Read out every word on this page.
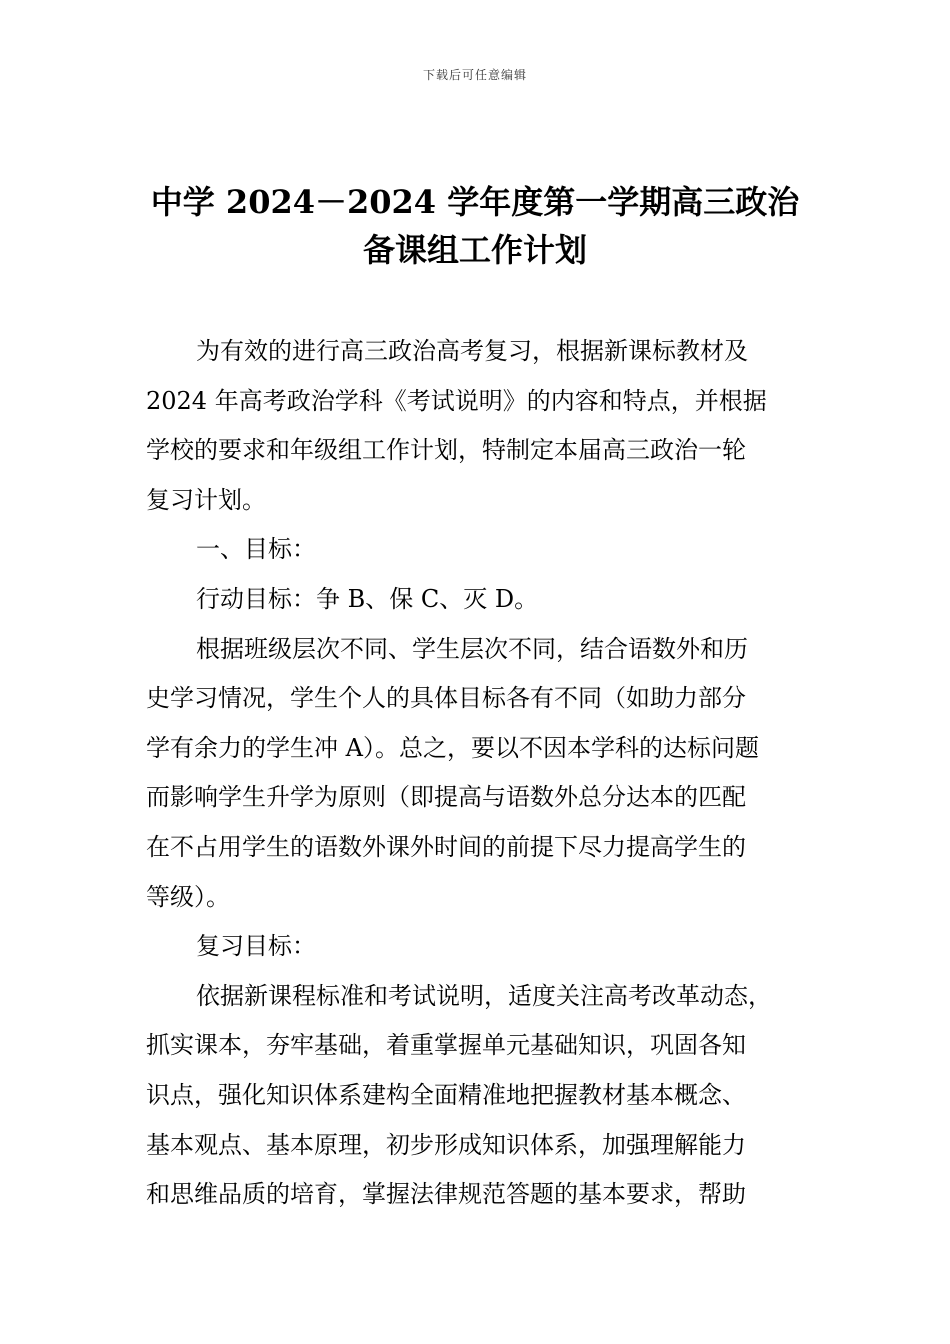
下载后可任意编辑
中学 2024－2024 学年度第一学期高三政治
备课组工作计划
为有效的进行高三政治高考复习，根据新课标教材及
2024 年高考政治学科《考试说明》的内容和特点，并根据
学校的要求和年级组工作计划，特制定本届高三政治一轮
复习计划。
一、目标：
行动目标：争 B、保 C、灭 D。
根据班级层次不同、学生层次不同，结合语数外和历
史学习情况，学生个人的具体目标各有不同（如助力部分
学有余力的学生冲 A）。总之，要以不因本学科的达标问题
而影响学生升学为原则（即提高与语数外总分达本的匹配
在不占用学生的语数外课外时间的前提下尽力提高学生的
等级）。
复习目标：
依据新课程标准和考试说明，适度关注高考改革动态，
抓实课本，夯牢基础，着重掌握单元基础知识，巩固各知
识点，强化知识体系建构全面精准地把握教材基本概念、
基本观点、基本原理，初步形成知识体系，加强理解能力
和思维品质的培育，掌握法律规范答题的基本要求，帮助
